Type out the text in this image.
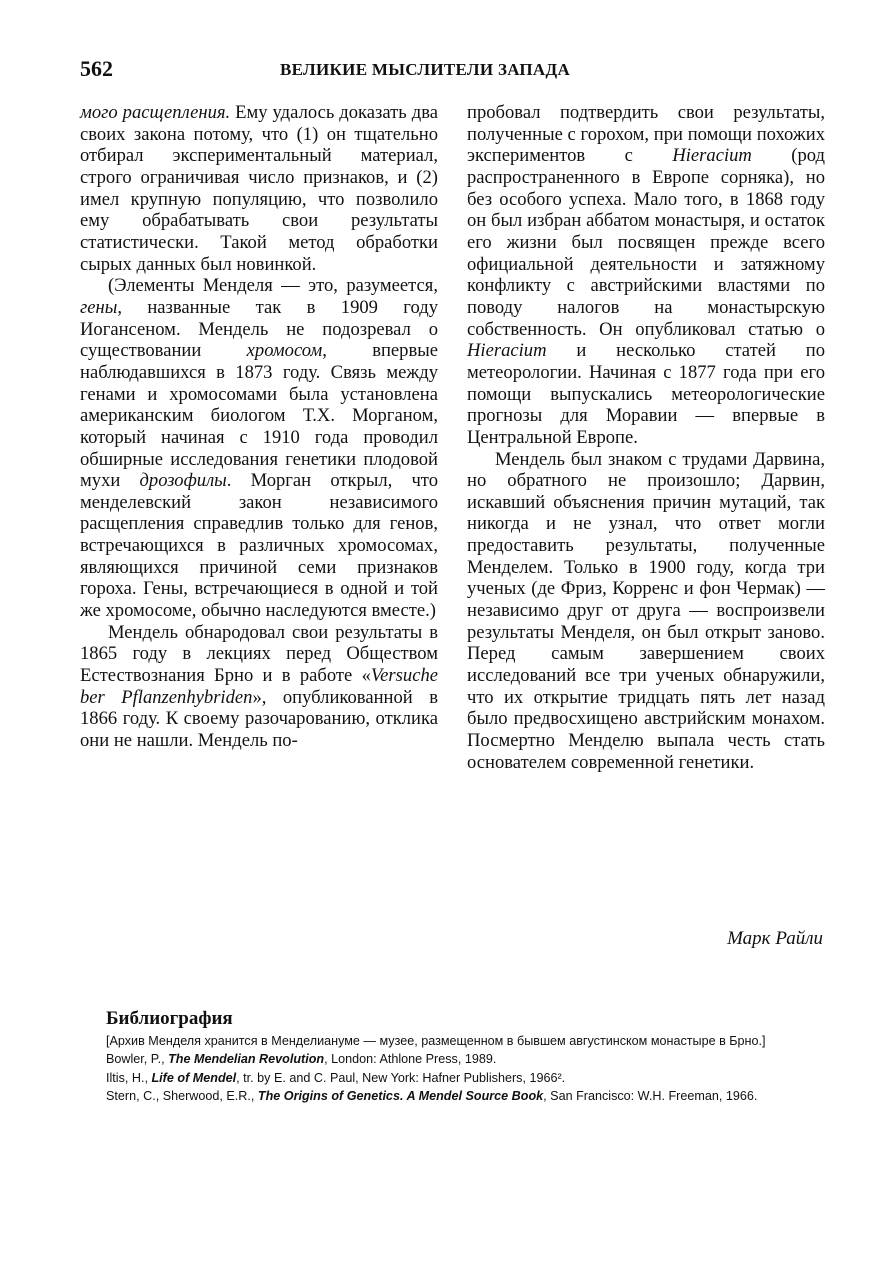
562	ВЕЛИКИЕ МЫСЛИТЕЛИ ЗАПАДА

мого расщепления. Ему удалось доказать два своих закона потому, что (1) он тщательно отбирал экспериментальный материал, строго ограничивая число признаков, и (2) имел крупную популяцию, что позволило ему обрабатывать свои результаты статистически. Такой метод обработки сырых данных был новинкой.

(Элементы Менделя — это, разумеется, гены, названные так в 1909 году Иогансеном. Мендель не подозревал о существовании хромосом, впервые наблюдавшихся в 1873 году. Связь между генами и хромосомами была установлена американским биологом Т.Х. Морганом, который начиная с 1910 года проводил обширные исследования генетики плодовой мухи дрозофилы. Морган открыл, что менделевский закон независимого расщепления справедлив только для генов, встречающихся в различных хромосомах, являющихся причиной семи признаков гороха. Гены, встречающиеся в одной и той же хромосоме, обычно наследуются вместе.)

Мендель обнародовал свои результаты в 1865 году в лекциях перед Обществом Естествознания Брно и в работе «Versuche ber Pflanzenhybriden», опубликованной в 1866 году. К своему разочарованию, отклика они не нашли. Мендель по-

пробовал подтвердить свои результаты, полученные с горохом, при помощи похожих экспериментов с Hieracium (род распространенного в Европе сорняка), но без особого успеха. Мало того, в 1868 году он был избран аббатом монастыря, и остаток его жизни был посвящен прежде всего официальной деятельности и затяжному конфликту с австрийскими властями по поводу налогов на монастырскую собственность. Он опубликовал статью о Hieracium и несколько статей по метеорологии. Начиная с 1877 года при его помощи выпускались метеорологические прогнозы для Моравии — впервые в Центральной Европе.

Мендель был знаком с трудами Дарвина, но обратного не произошло; Дарвин, искавший объяснения причин мутаций, так никогда и не узнал, что ответ могли предоставить результаты, полученные Менделем. Только в 1900 году, когда три ученых (де Фриз, Корренс и фон Чермак) — независимо друг от друга — воспроизвели результаты Менделя, он был открыт заново. Перед самым завершением своих исследований все три ученых обнаружили, что их открытие тридцать пять лет назад было предвосхищено австрийским монахом. Посмертно Менделю выпала честь стать основателем современной генетики.

Марк Райли
Библиография

[Архив Менделя хранится в Менделиануме — музее, размещенном в бывшем августинском монастыре в Брно.]

Bowler, P., The Mendelian Revolution, London: Athlone Press, 1989.

Iltis, H., Life of Mendel, tr. by E. and C. Paul, New York: Hafner Publishers, 1966².

Stern, C., Sherwood, E.R., The Origins of Genetics. A Mendel Source Book, San Francisco: W.H. Freeman, 1966.
